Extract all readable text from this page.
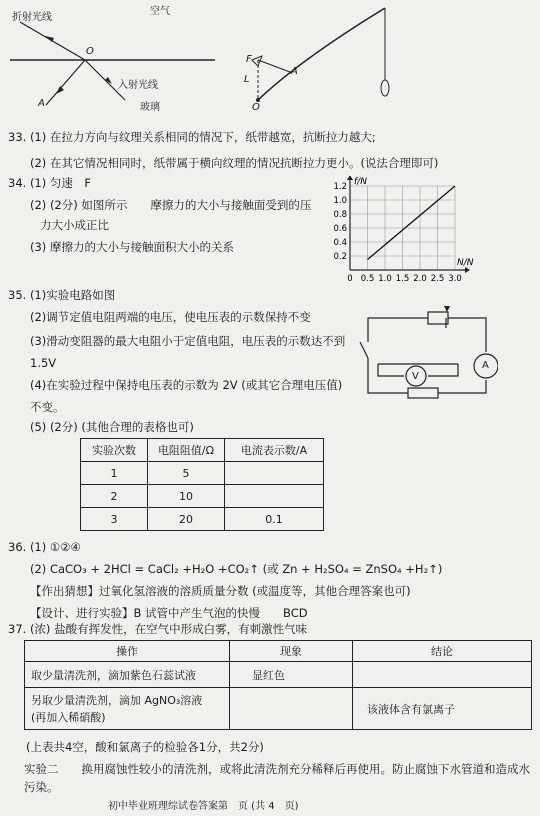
空气
折射光线
O
A
入射光线
玻璃
F
L
A
O
33. (1) 在拉力方向与纹理关系相同的情况下，纸带越宽，抗断拉力越大;
(2) 在其它情况相同时，纸带属于横向纹理的情况抗断拉力更小。(说法合理即可)
34. (1) 匀速　F
(2) (2分) 如图所示　　摩擦力的大小与接触面受到的压
力大小成正比
(3) 摩擦力的大小与接触面积大小的关系
0 0.5 1.0 1.5 2.0 2.5 3.0
0.2
0.4
0.6
0.8
1.0
1.2 f/N
N/N
35. (1)实验电路如图
(2)调节定值电阻两端的电压，使电压表的示数保持不变
(3)滑动变阻器的最大电阻小于定值电阻，电压表的示数达不到
1.5V
(4)在实验过程中保持电压表的示数为 2V (或其它合理电压值)
不变。
(5) (2分) (其他合理的表格也可)
V
A
实验次数	电阻阻值/Ω	电流表示数/A
1	5	
2	10	
3	20	0.1
36. (1) ①②④
(2) CaCO₃ + 2HCl = CaCl₂ +H₂O +CO₂↑ (或 Zn + H₂SO₄ = ZnSO₄ +H₂↑)
【作出猜想】过氧化氢溶液的溶质质量分数 (或温度等，其他合理答案也可)
【设计、进行实验】B 试管中产生气泡的快慢　　BCD
37. (浓) 盐酸有挥发性，在空气中形成白雾，有刺激性气味
操作	现象	结论
取少量清洗剂，滴加紫色石蕊试液	显红色	

另取少量清洗剂，滴加 AgNO₃溶液
(再加入稀硝酸)		该液体含有氯离子
(上表共4空，酸和氯离子的检验各1分，共2分)
实验二　　换用腐蚀性较小的清洗剂，或将此清洗剂充分稀释后再使用。防止腐蚀下水管道和造成水
污染。
初中毕业班理综试卷答案第　页 (共 4　页)
